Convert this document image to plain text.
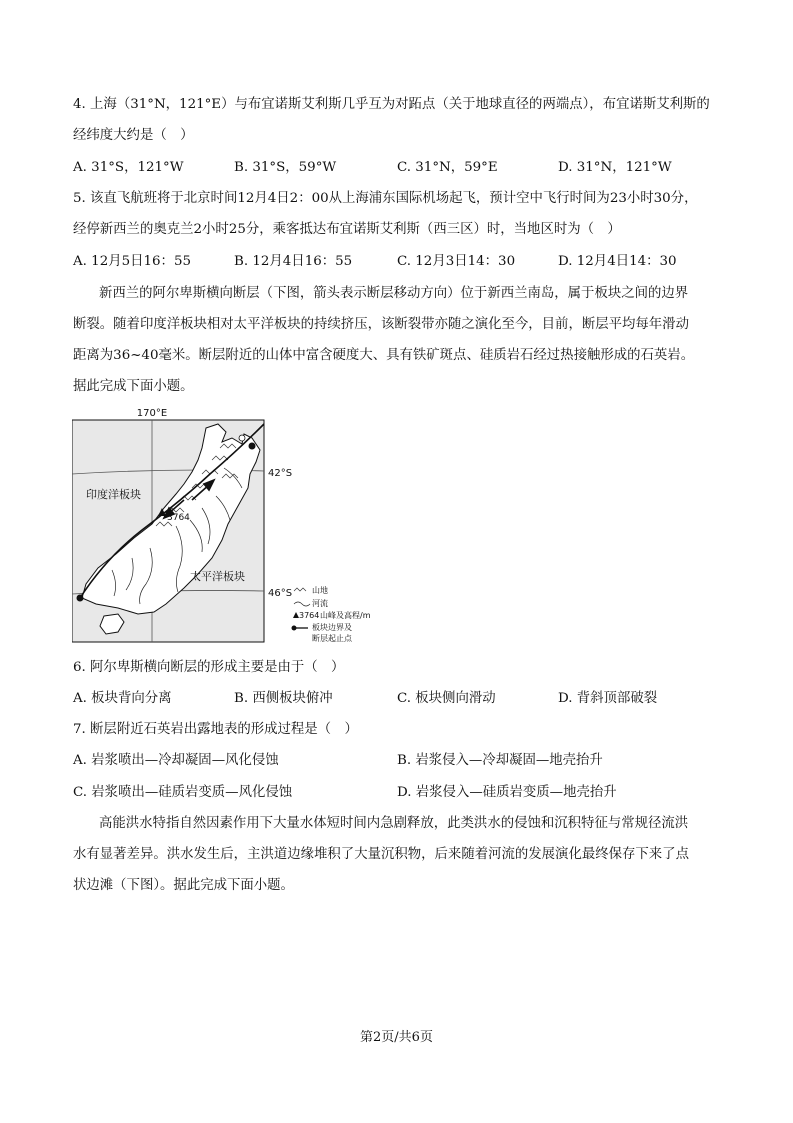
4. 上海（31°N，121°E）与布宜诺斯艾利斯几乎互为对跖点（关于地球直径的两端点），布宜诺斯艾利斯的
经纬度大约是（　）
A. 31°S，121°W	B. 31°S，59°W	C. 31°N，59°E	D. 31°N，121°W
5. 该直飞航班将于北京时间12月4日2：00从上海浦东国际机场起飞，预计空中飞行时间为23小时30分，
经停新西兰的奥克兰2小时25分，乘客抵达布宜诺斯艾利斯（西三区）时，当地区时为（　）
A. 12月5日16：55	B. 12月4日16：55	C. 12月3日14：30	D. 12月4日14：30
新西兰的阿尔卑斯横向断层（下图，箭头表示断层移动方向）位于新西兰南岛，属于板块之间的边界
断裂。随着印度洋板块相对太平洋板块的持续挤压，该断裂带亦随之演化至今，目前，断层平均每年滑动
距离为36~40毫米。断层附近的山体中富含硬度大、具有铁矿斑点、硅质岩石经过热接触形成的石英岩。
据此完成下面小题。
3764
170°E
42°S
46°S
印度洋板块
太平洋板块
山地
河流
3764 山峰及高程/m
板块边界及
断层起止点
6. 阿尔卑斯横向断层的形成主要是由于（　）
A. 板块背向分离	B. 西侧板块俯冲	C. 板块侧向滑动	D. 背斜顶部破裂
7. 断层附近石英岩出露地表的形成过程是（　）
A. 岩浆喷出—冷却凝固—风化侵蚀	B. 岩浆侵入—冷却凝固—地壳抬升
C. 岩浆喷出—硅质岩变质—风化侵蚀	D. 岩浆侵入—硅质岩变质—地壳抬升
高能洪水特指自然因素作用下大量水体短时间内急剧释放，此类洪水的侵蚀和沉积特征与常规径流洪
水有显著差异。洪水发生后，主洪道边缘堆积了大量沉积物，后来随着河流的发展演化最终保存下来了点
状边滩（下图）。据此完成下面小题。
第2页/共6页
